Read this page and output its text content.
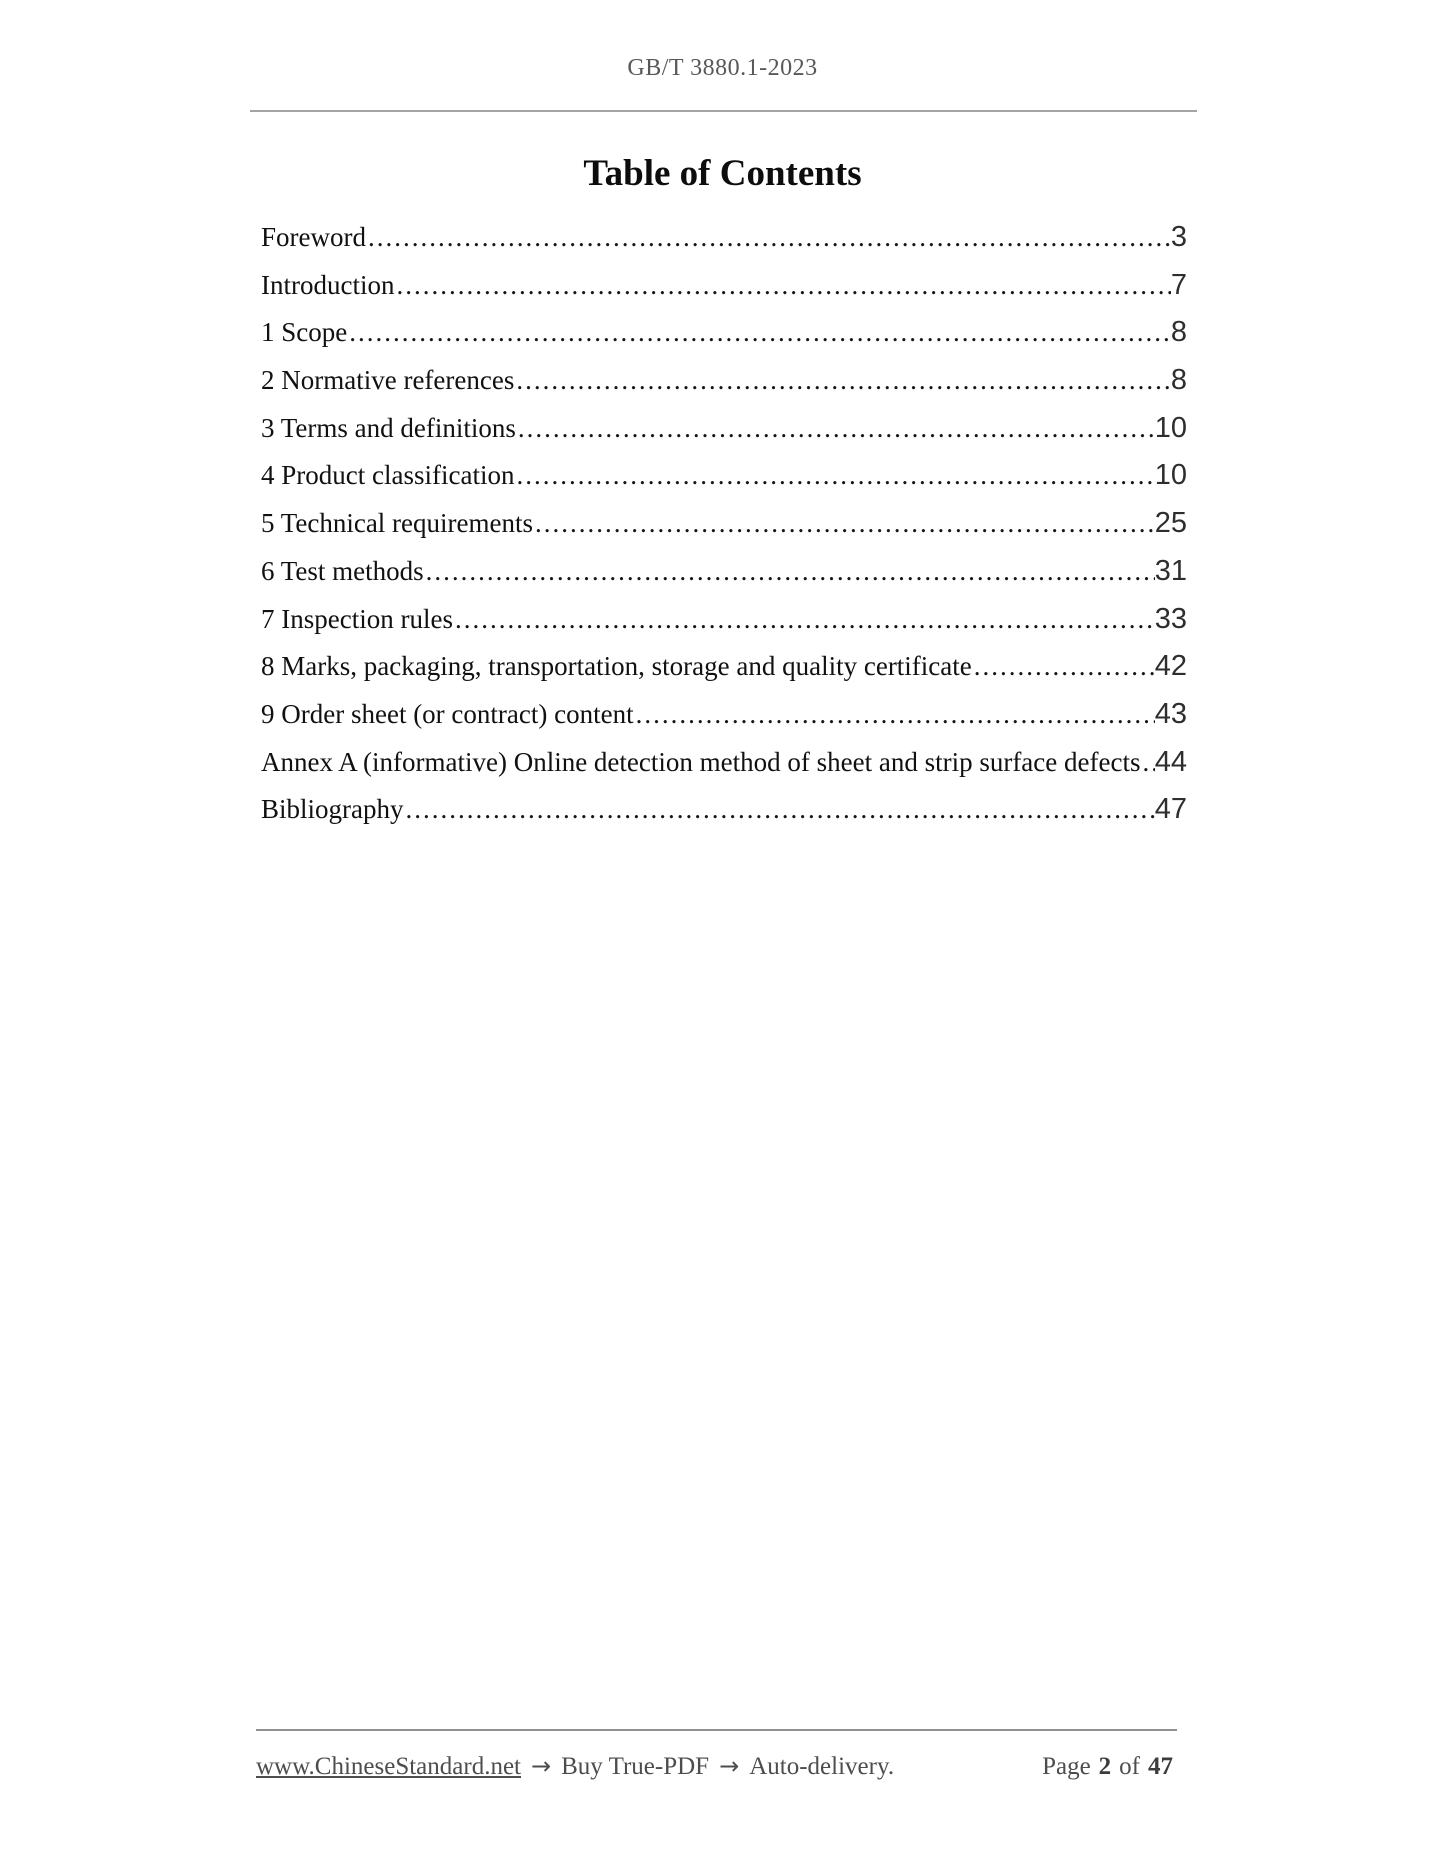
GB/T 3880.1-2023
Table of Contents
Foreword .....	3
Introduction .....	7
1 Scope .....	8
2 Normative references .....	8
3 Terms and definitions .....	10
4 Product classification .....	10
5 Technical requirements .....	25
6 Test methods .....	31
7 Inspection rules .....	33
8 Marks, packaging, transportation, storage and quality certificate .....	42
9 Order sheet (or contract) content .....	43
Annex A (informative) Online detection method of sheet and strip surface defects ..... 44
Bibliography .....	47
www.ChineseStandard.net → Buy True-PDF → Auto-delivery.	Page 2 of 47
